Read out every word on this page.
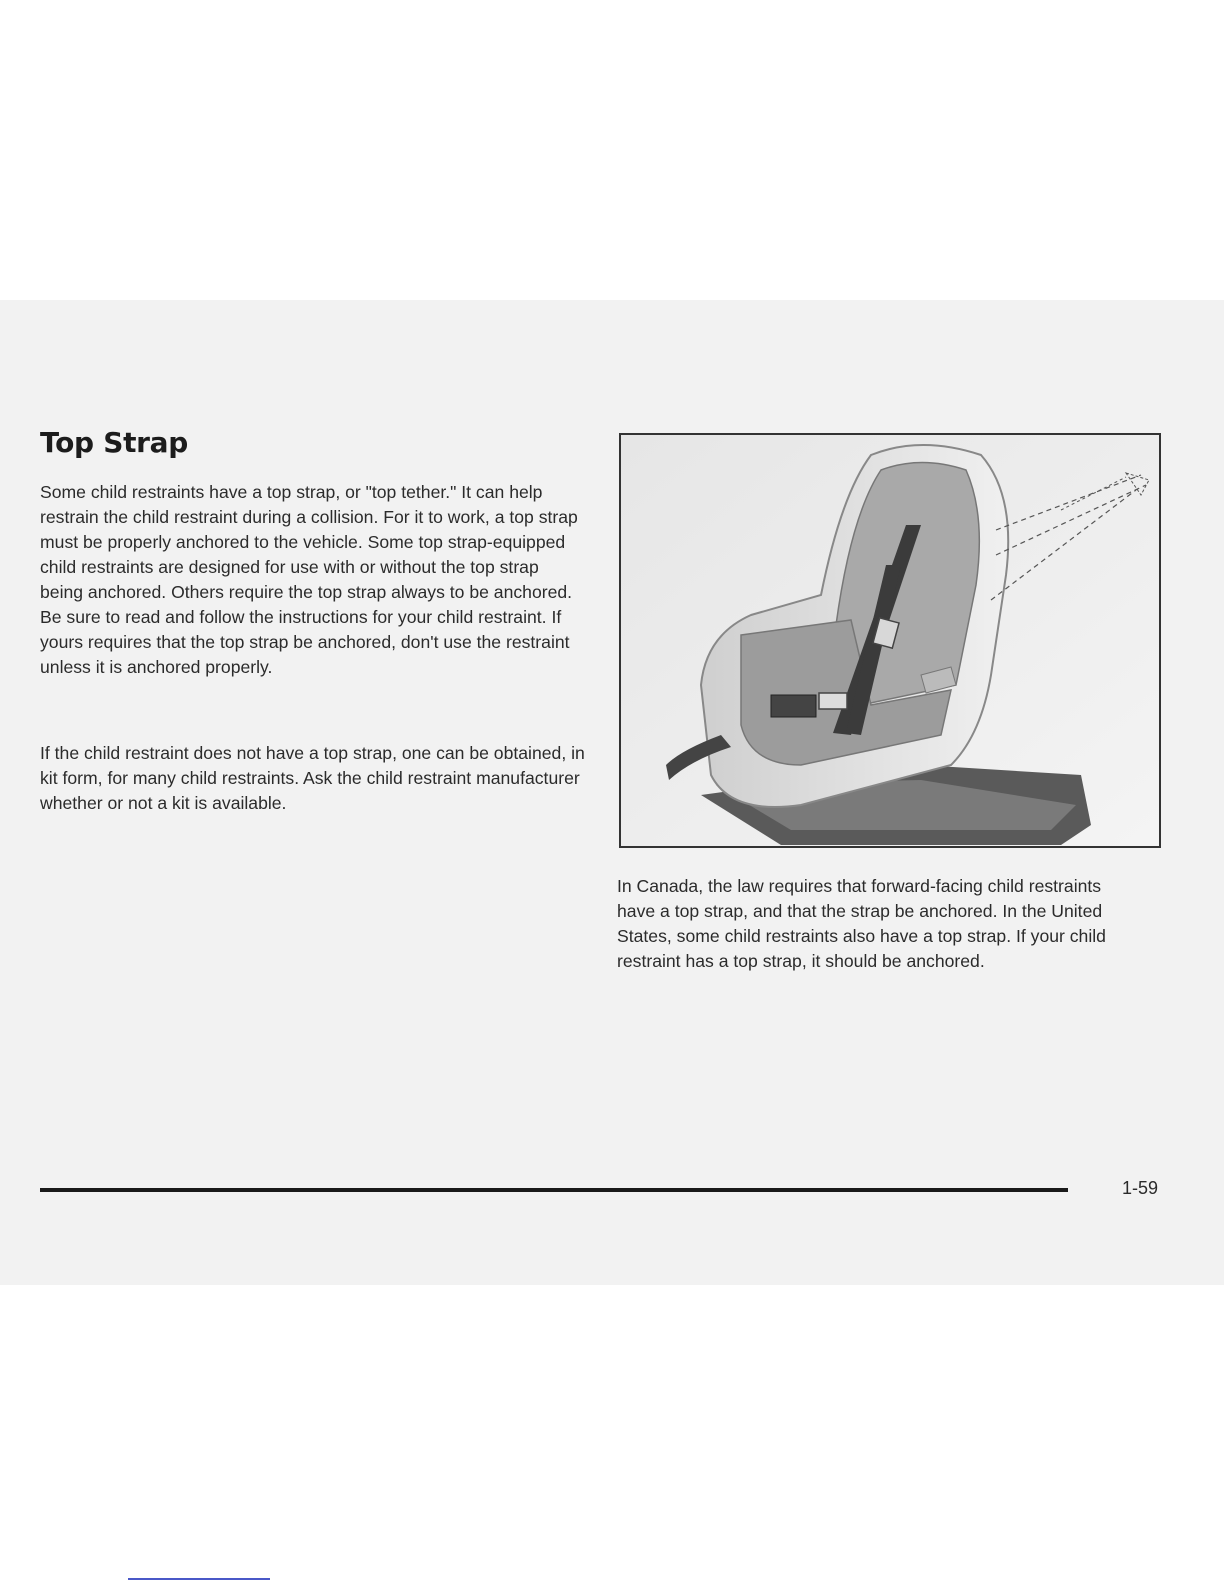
Top Strap

Some child restraints have a top strap, or "top tether." It can help restrain the child restraint during a collision. For it to work, a top strap must be properly anchored to the vehicle. Some top strap-equipped child restraints are designed for use with or without the top strap being anchored. Others require the top strap always to be anchored. Be sure to read and follow the instructions for your child restraint. If yours requires that the top strap be anchored, don't use the restraint unless it is anchored properly.

If the child restraint does not have a top strap, one can be obtained, in kit form, for many child restraints. Ask the child restraint manufacturer whether or not a kit is available.

In Canada, the law requires that forward-facing child restraints have a top strap, and that the strap be anchored. In the United States, some child restraints also have a top strap. If your child restraint has a top strap, it should be anchored.

1-59
